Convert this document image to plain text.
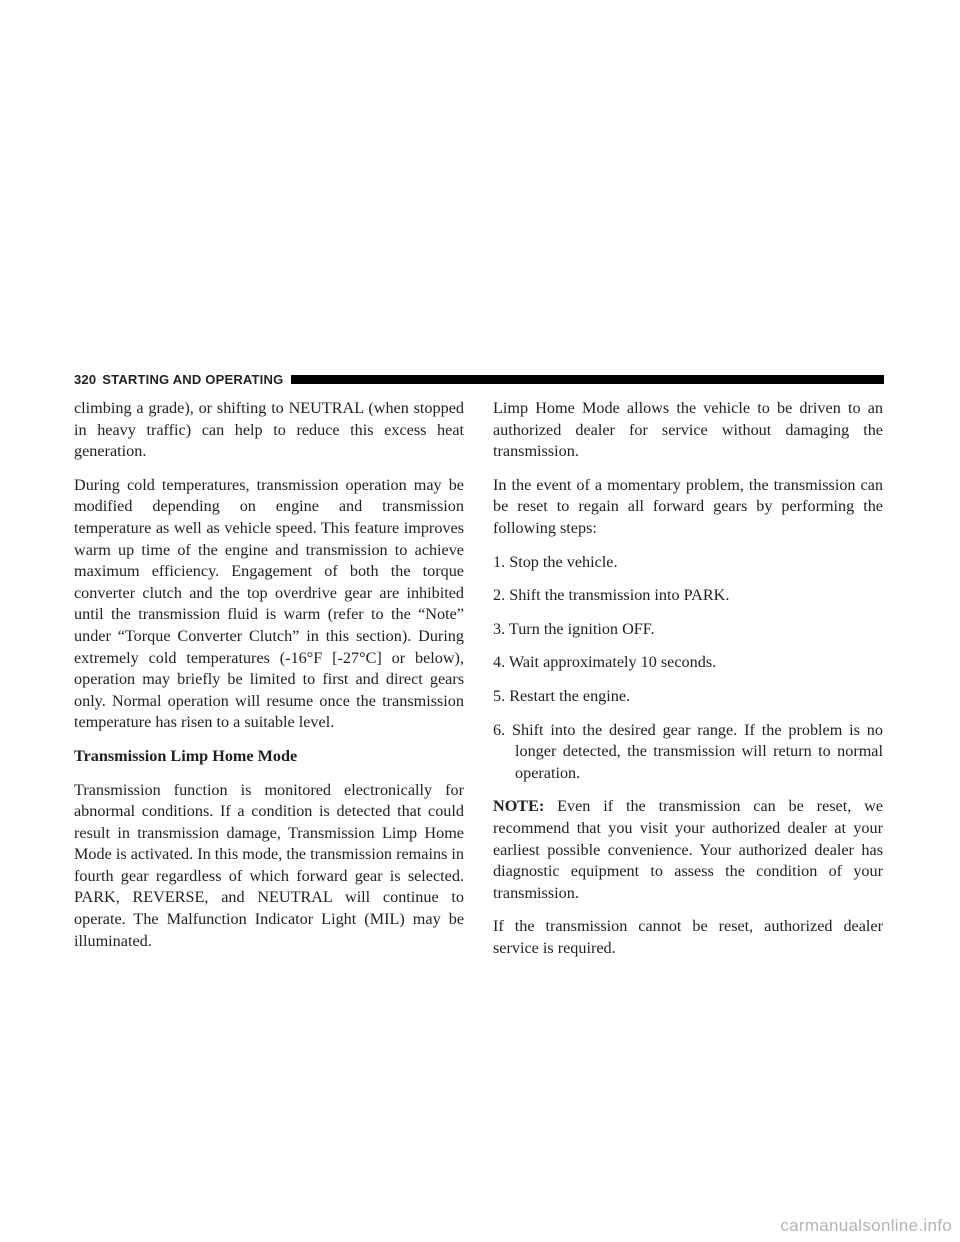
320 STARTING AND OPERATING

climbing a grade), or shifting to NEUTRAL (when stopped in heavy traffic) can help to reduce this excess heat generation.

During cold temperatures, transmission operation may be modified depending on engine and transmission temperature as well as vehicle speed. This feature improves warm up time of the engine and transmission to achieve maximum efficiency. Engagement of both the torque converter clutch and the top overdrive gear are inhibited until the transmission fluid is warm (refer to the “Note” under “Torque Converter Clutch” in this section). During extremely cold temperatures (-16°F [-27°C] or below), operation may briefly be limited to first and direct gears only. Normal operation will resume once the transmission temperature has risen to a suitable level.

Transmission Limp Home Mode

Transmission function is monitored electronically for abnormal conditions. If a condition is detected that could result in transmission damage, Transmission Limp Home Mode is activated. In this mode, the transmission remains in fourth gear regardless of which forward gear is selected. PARK, REVERSE, and NEUTRAL will continue to operate. The Malfunction Indicator Light (MIL) may be illuminated.

Limp Home Mode allows the vehicle to be driven to an authorized dealer for service without damaging the transmission.

In the event of a momentary problem, the transmission can be reset to regain all forward gears by performing the following steps:

1. Stop the vehicle.
2. Shift the transmission into PARK.
3. Turn the ignition OFF.
4. Wait approximately 10 seconds.
5. Restart the engine.
6. Shift into the desired gear range. If the problem is no longer detected, the transmission will return to normal operation.

NOTE: Even if the transmission can be reset, we recommend that you visit your authorized dealer at your earliest possible convenience. Your authorized dealer has diagnostic equipment to assess the condition of your transmission.

If the transmission cannot be reset, authorized dealer service is required.

carmanualsonline.info
